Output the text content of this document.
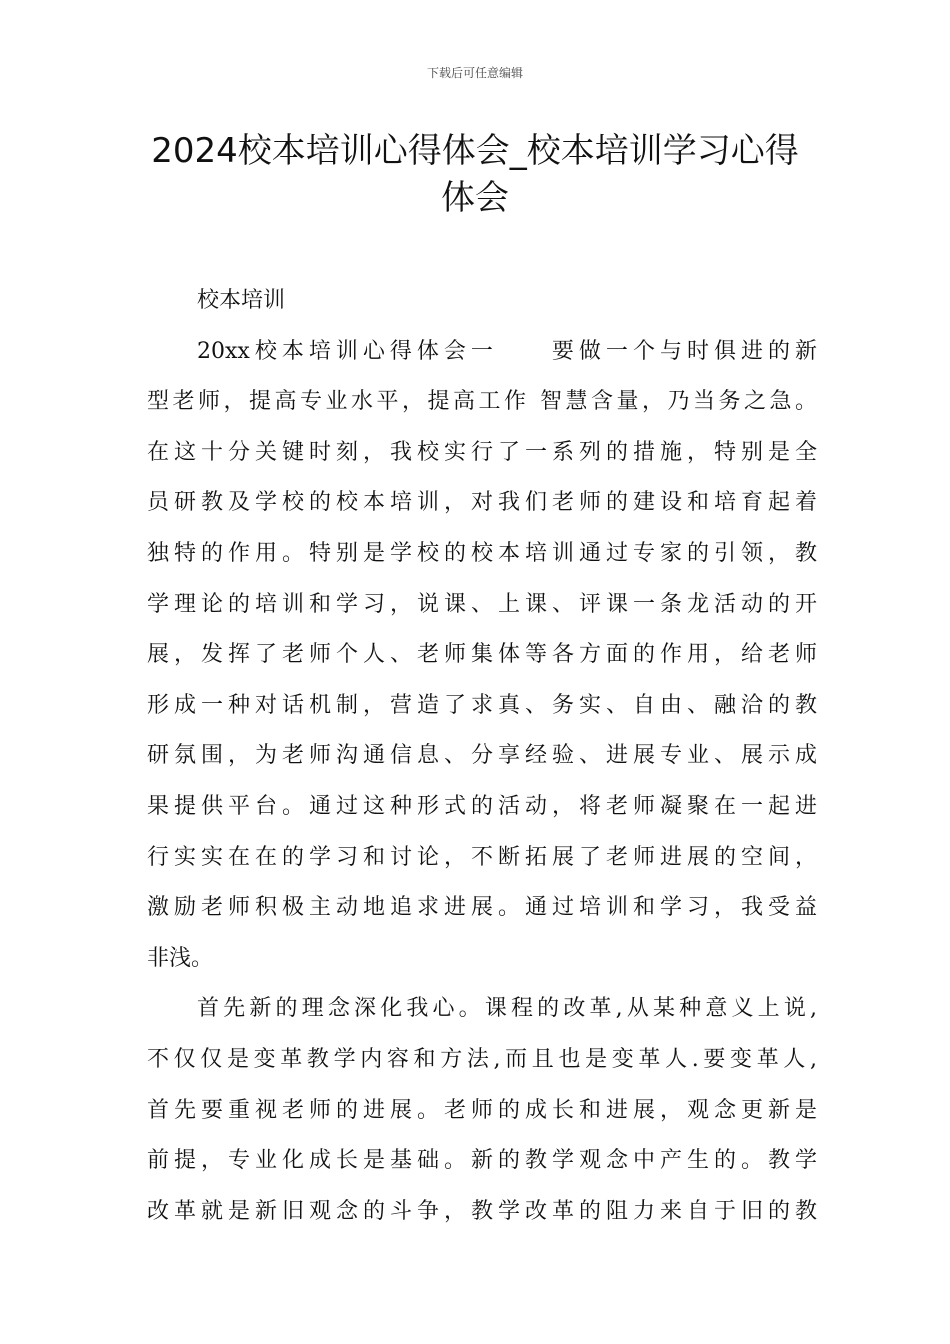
下载后可任意编辑
2024校本培训心得体会_校本培训学习心得
体会
校本培训
20xx校本培训心得体会一　　要做一个与时俱进的新
型老师，提高专业水平，提高工作 智慧含量，乃当务之急。
在这十分关键时刻，我校实行了一系列的措施，特别是全
员研教及学校的校本培训，对我们老师的建设和培育起着
独特的作用。特别是学校的校本培训通过专家的引领，教
学理论的培训和学习，说课、上课、评课一条龙活动的开
展，发挥了老师个人、老师集体等各方面的作用，给老师
形成一种对话机制，营造了求真、务实、自由、融洽的教
研氛围，为老师沟通信息、分享经验、进展专业、展示成
果提供平台。通过这种形式的活动，将老师凝聚在一起进
行实实在在的学习和讨论，不断拓展了老师进展的空间，
激励老师积极主动地追求进展。通过培训和学习，我受益
非浅。
首先新的理念深化我心。课程的改革,从某种意义上说,
不仅仅是变革教学内容和方法,而且也是变革人.要变革人,
首先要重视老师的进展。老师的成长和进展，观念更新是
前提，专业化成长是基础。新的教学观念中产生的。教学
改革就是新旧观念的斗争，教学改革的阻力来自于旧的教
